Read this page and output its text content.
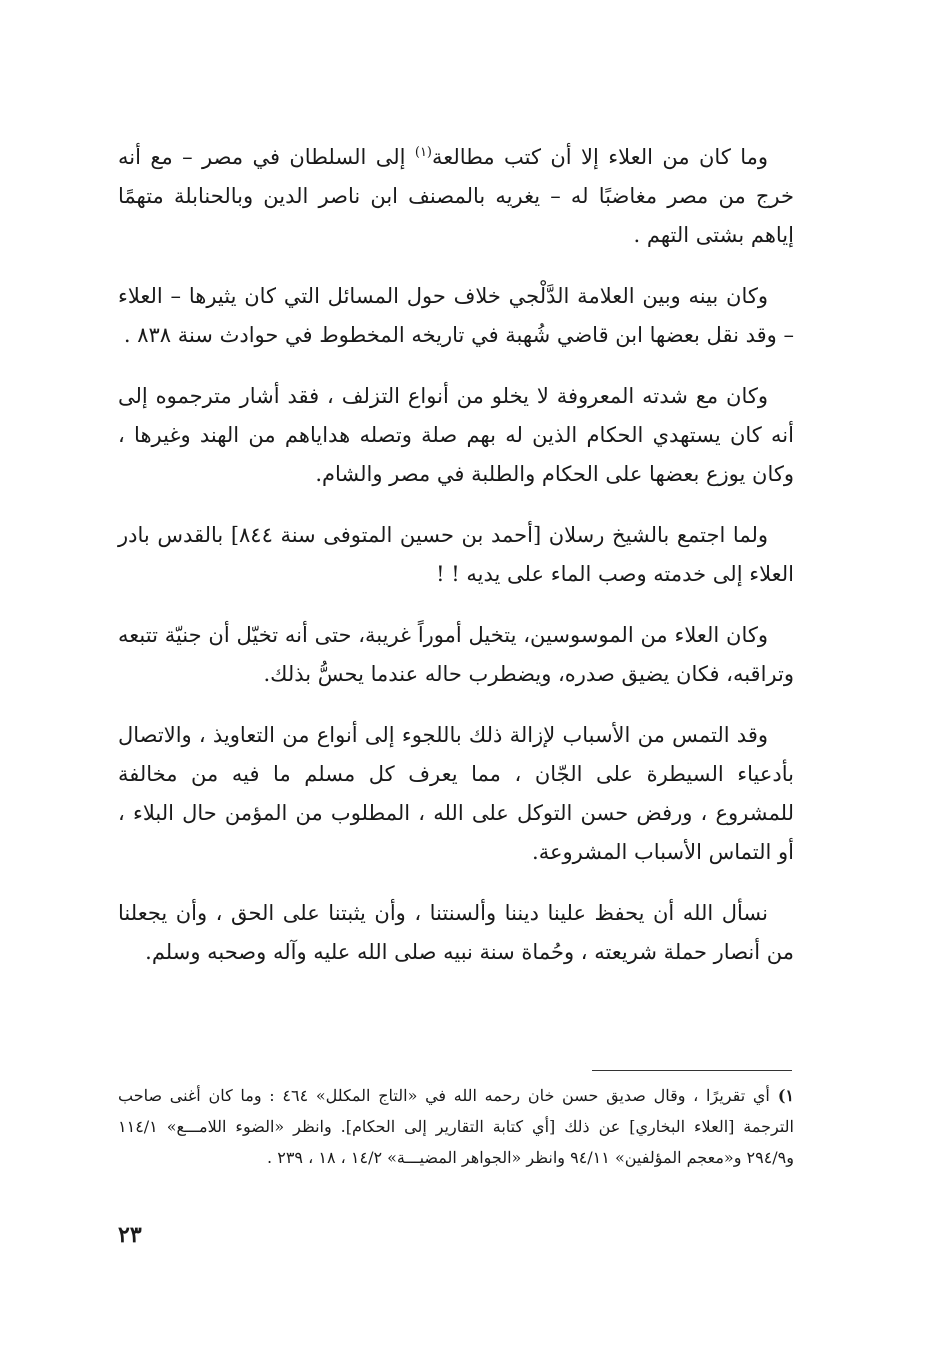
وما كان من العلاء إلا أن كتب مطالعة$^{(١)}$ إلى السلطان في مصر – مع أنه خرج من مصر مغاضبًا له – يغريه بالمصنف ابن ناصر الدين وبالحنابلة متهمًا إياهم بشتى التهم .

وكان بينه وبين العلامة الدَّلْجي خلاف حول المسائل التي كان يثيرها – العلاء – وقد نقل بعضها ابن قاضي شُهبة في تاريخه المخطوط في حوادث سنة ٨٣٨ .

وكان مع شدته المعروفة لا يخلو من أنواع التزلف ، فقد أشار مترجموه إلى أنه كان يستهدي الحكام الذين له بهم صلة وتصله هداياهم من الهند وغيرها ، وكان يوزع بعضها على الحكام والطلبة في مصر والشام.

ولما اجتمع بالشيخ رسلان [أحمد بن حسين المتوفى سنة ٨٤٤] بالقدس بادر العلاء إلى خدمته وصب الماء على يديه ! !

وكان العلاء من الموسوسين، يتخيل أموراً غريبة، حتى أنه تخيّل أن جنيّة تتبعه وتراقبه، فكان يضيق صدره، ويضطرب حاله عندما يحسُّ بذلك.

وقد التمس من الأسباب لإزالة ذلك باللجوء إلى أنواع من التعاويذ ، والاتصال بأدعياء السيطرة على الجّان ، مما يعرف كل مسلم ما فيه من مخالفة للمشروع ، ورفض حسن التوكل على الله ، المطلوب من المؤمن حال البلاء ، أو التماس الأسباب المشروعة.

نسأل الله أن يحفظ علينا ديننا وألسنتنا ، وأن يثبتنا على الحق ، وأن يجعلنا من أنصار حملة شريعته ، وحُماة سنة نبيه صلى الله عليه وآله وصحبه وسلم.

١)أي تقريرًا ، وقال صديق حسن خان رحمه الله في «التاج المكلل» ٤٦٤ : وما كان أغنى صاحب الترجمة [العلاء البخاري] عن ذلك [أي كتابة التقارير إلى الحكام]. وانظر «الضوء اللامـــع» ١١٤/١ و٢٩٤/٩ و«معجم المؤلفين» ٩٤/١١ وانظر «الجواهر المضيـــة» ١٤/٢ ، ١٨ ، ٢٣٩ .
٢٣
